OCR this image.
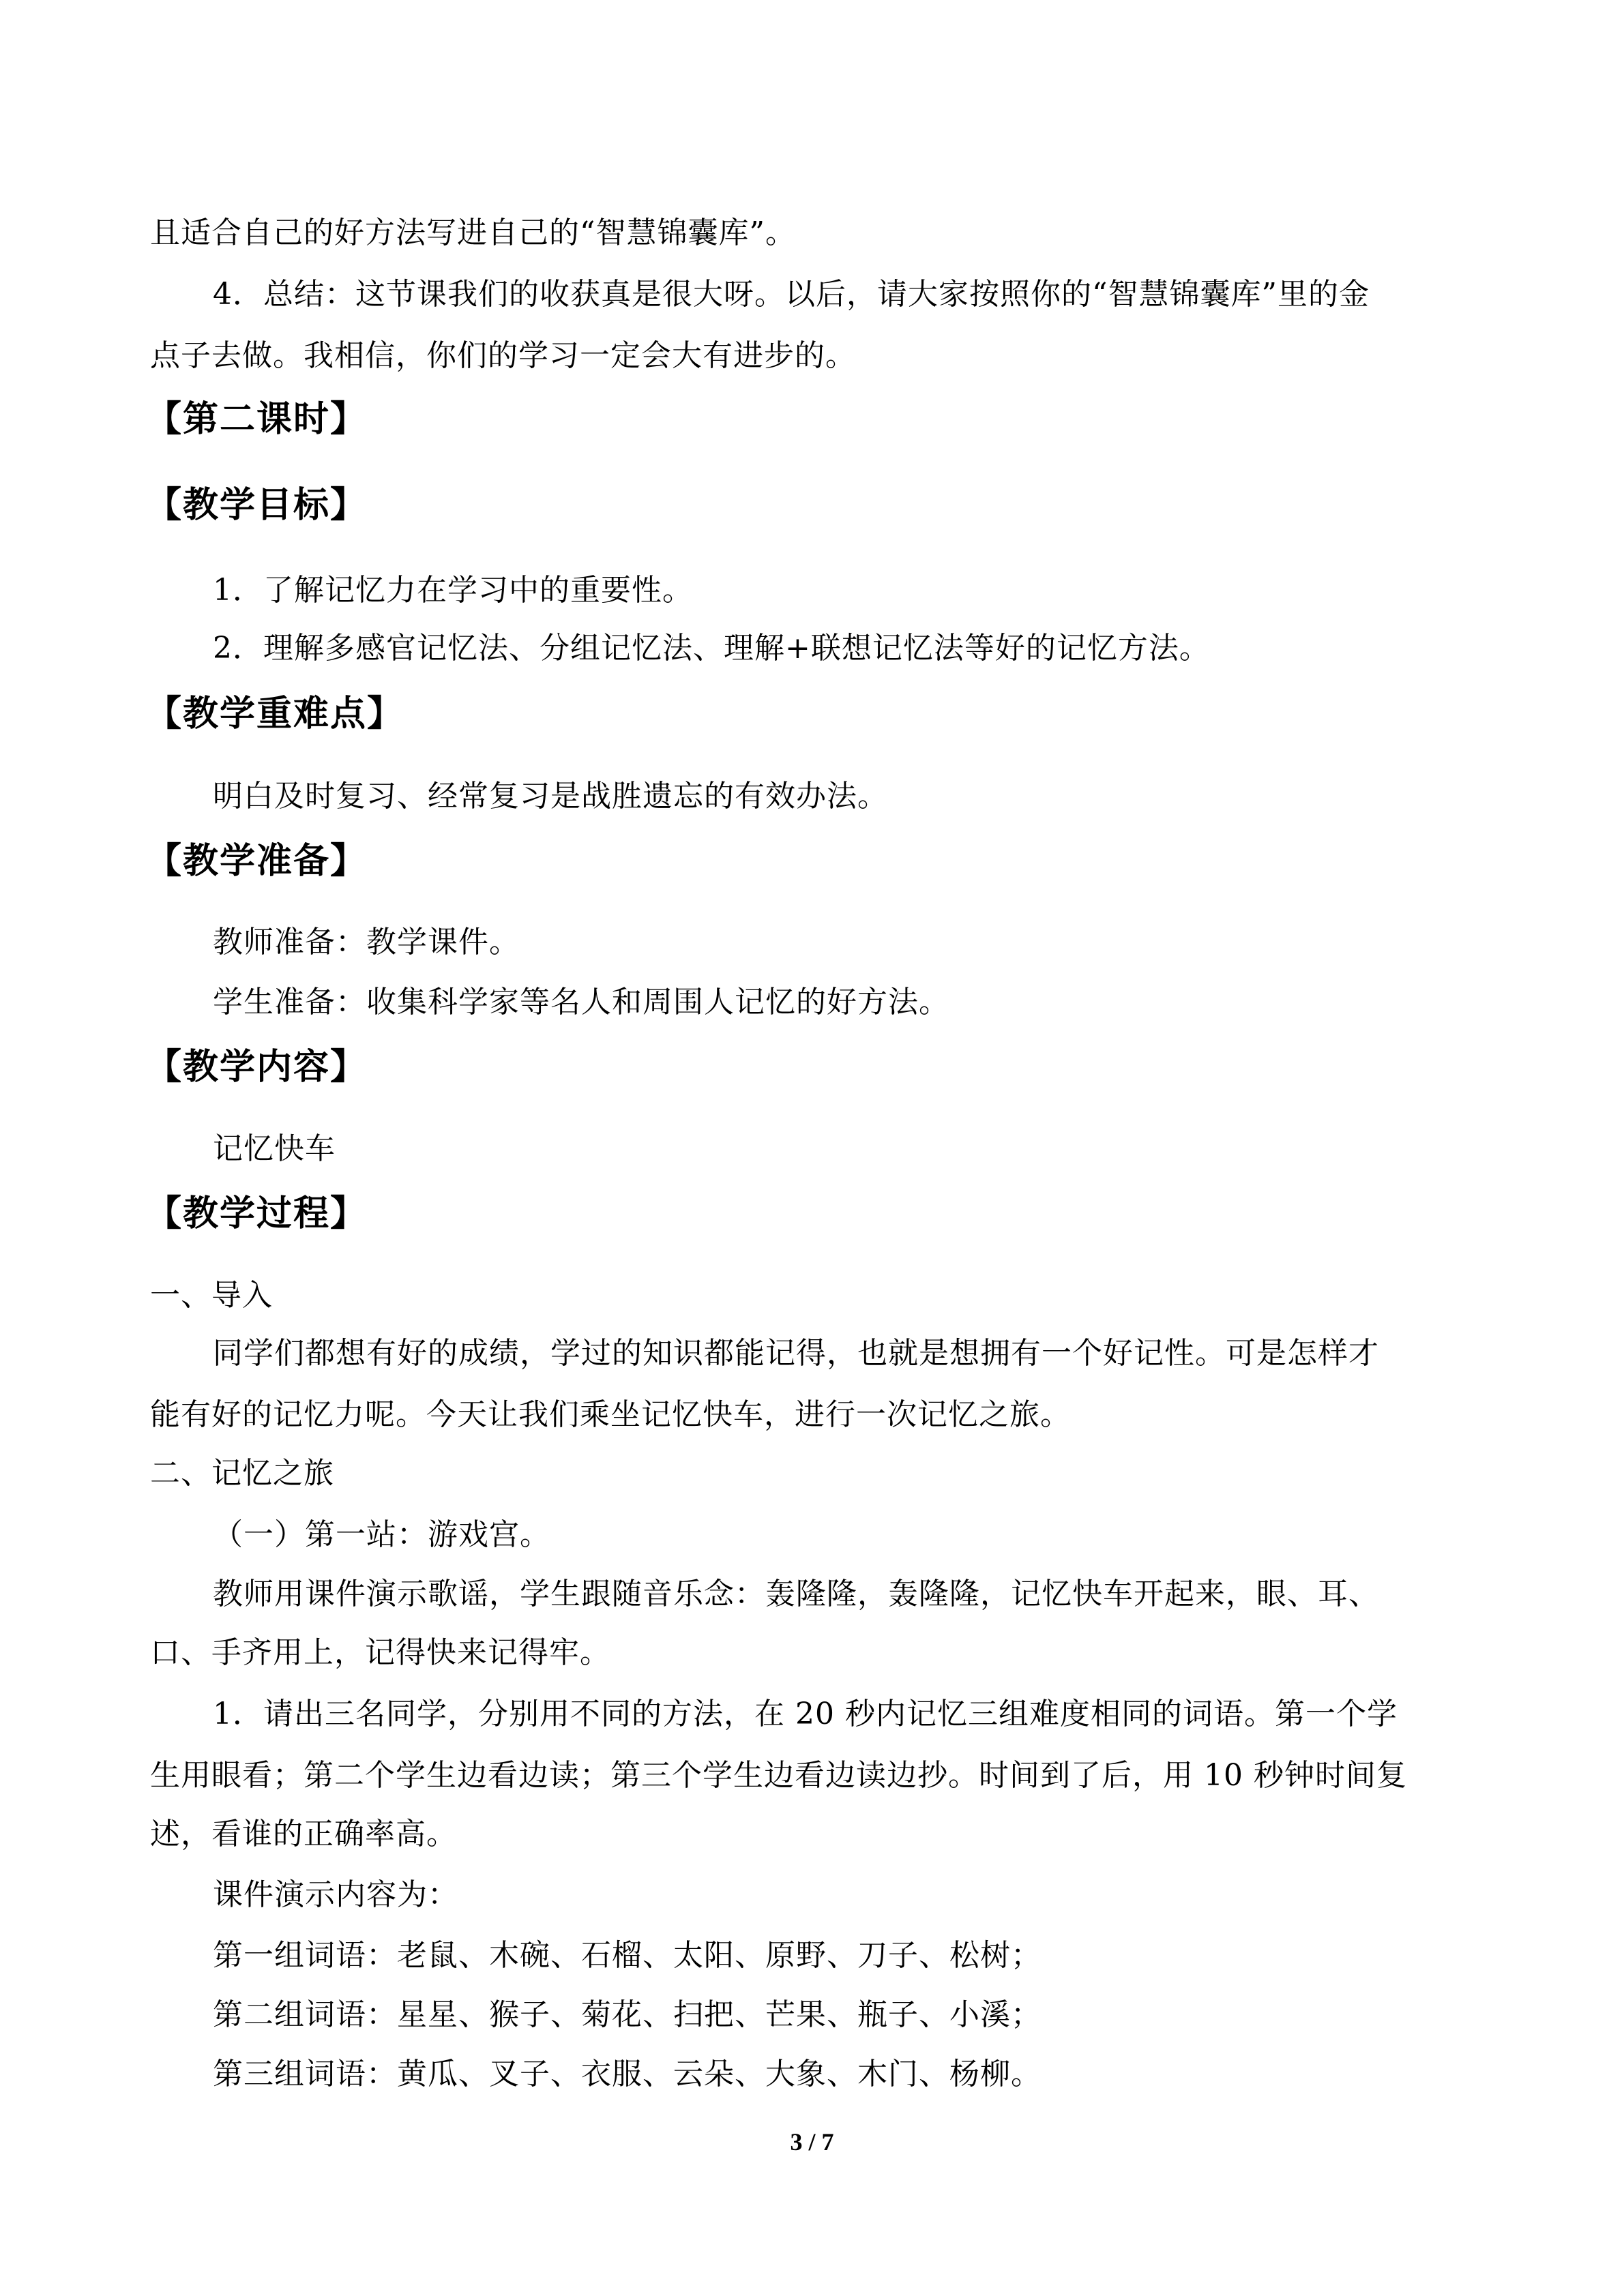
且适合自己的好方法写进自己的“智慧锦囊库”。
4．总结：这节课我们的收获真是很大呀。以后，请大家按照你的“智慧锦囊库”里的金
点子去做。我相信，你们的学习一定会大有进步的。
【第二课时】
【教学目标】
1．了解记忆力在学习中的重要性。
2．理解多感官记忆法、分组记忆法、理解+联想记忆法等好的记忆方法。
【教学重难点】
明白及时复习、经常复习是战胜遗忘的有效办法。
【教学准备】
教师准备：教学课件。
学生准备：收集科学家等名人和周围人记忆的好方法。
【教学内容】
记忆快车
【教学过程】
一、导入
同学们都想有好的成绩，学过的知识都能记得，也就是想拥有一个好记性。可是怎样才
能有好的记忆力呢。今天让我们乘坐记忆快车，进行一次记忆之旅。
二、记忆之旅
（一）第一站：游戏宫。
教师用课件演示歌谣，学生跟随音乐念：轰隆隆，轰隆隆，记忆快车开起来，眼、耳、
口、手齐用上，记得快来记得牢。
1．请出三名同学，分别用不同的方法，在 20 秒内记忆三组难度相同的词语。第一个学
生用眼看；第二个学生边看边读；第三个学生边看边读边抄。时间到了后，用 10 秒钟时间复
述，看谁的正确率高。
课件演示内容为：
第一组词语：老鼠、木碗、石榴、太阳、原野、刀子、松树；
第二组词语：星星、猴子、菊花、扫把、芒果、瓶子、小溪；
第三组词语：黄瓜、叉子、衣服、云朵、大象、木门、杨柳。
3 / 7
